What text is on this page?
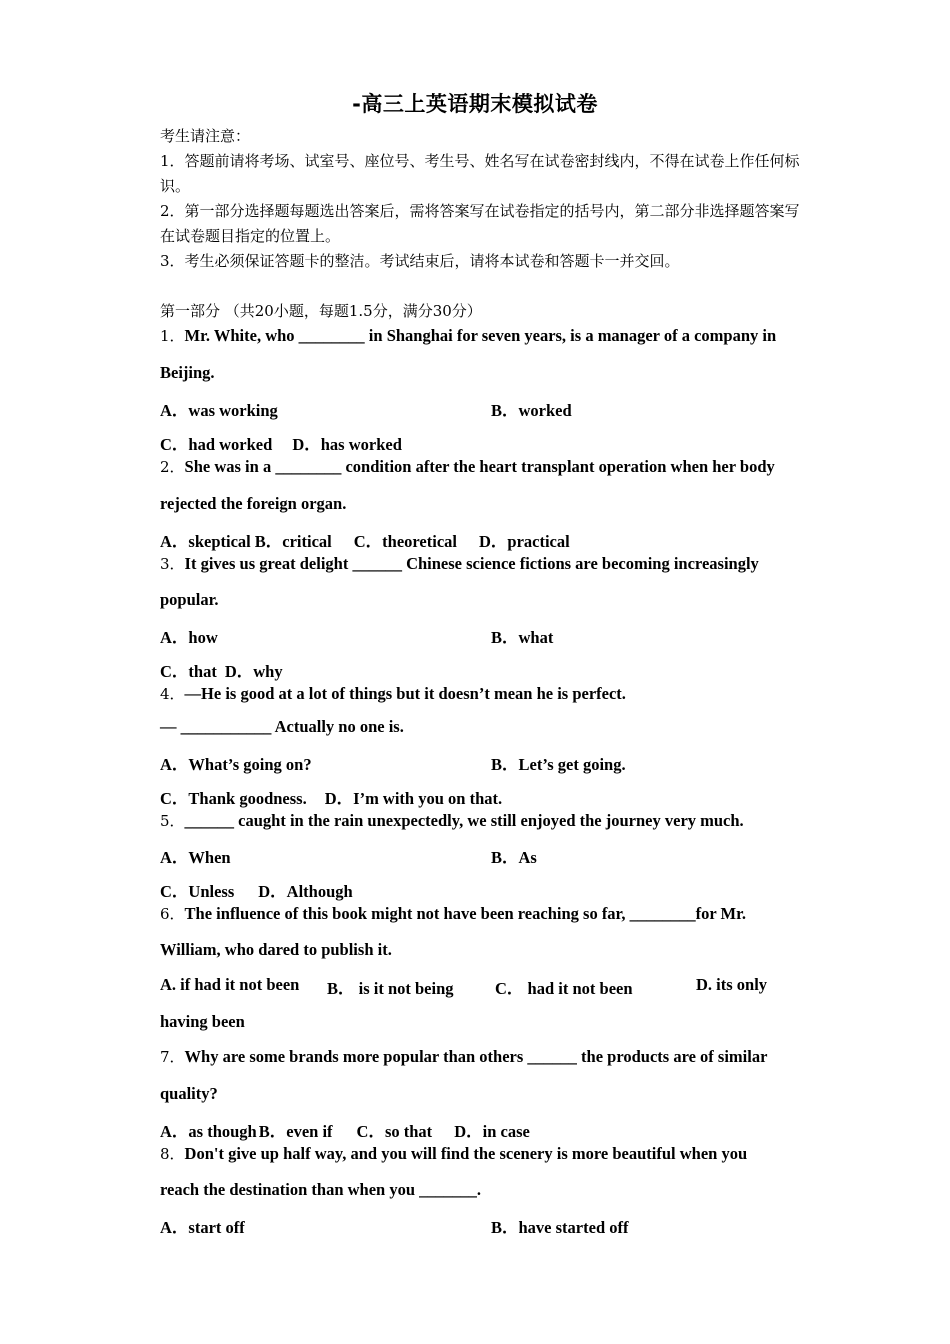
-高三上英语期末模拟试卷
考生请注意：
1．答题前请将考场、试室号、座位号、考生号、姓名写在试卷密封线内，不得在试卷上作任何标识。
2．第一部分选择题每题选出答案后，需将答案写在试卷指定的括号内，第二部分非选择题答案写在试卷题目指定的位置上。
3．考生必须保证答题卡的整洁。考试结束后，请将本试卷和答题卡一并交回。
第一部分 （共20小题，每题1.5分，满分30分）
1．Mr. White, who ________ in Shanghai for seven years, is a manager of a company in
Beijing.
A．was working	B．worked
C．had worked D．has worked
2．She was in a ________ condition after the heart transplant operation when her body
rejected the foreign organ.
A．skeptical B．critical C．theoretical D．practical
3．It gives us great delight ______ Chinese science fictions are becoming increasingly
popular.
A．how	B．what
C．that D．why
4．—He is good at a lot of things but it doesn’t mean he is perfect.
— ___________ Actually no one is.
A．What’s going on?	B．Let’s get going.
C．Thank goodness. D．I’m with you on that.
5．______ caught in the rain unexpectedly, we still enjoyed the journey very much.
A．When	B．As
C．Unless D．Although
6．The influence of this book might not have been reaching so far, ________for Mr.
William, who dared to publish it.
A. if had it not been B． is it not being	C． had it not been	D. its only
having been
7．Why are some brands more popular than others ______ the products are of similar
quality?
A．as though B．even if C．so that D．in case
8．Don't give up half way, and you will find the scenery is more beautiful when you
reach the destination than when you _______.
A．start off	B．have started off
